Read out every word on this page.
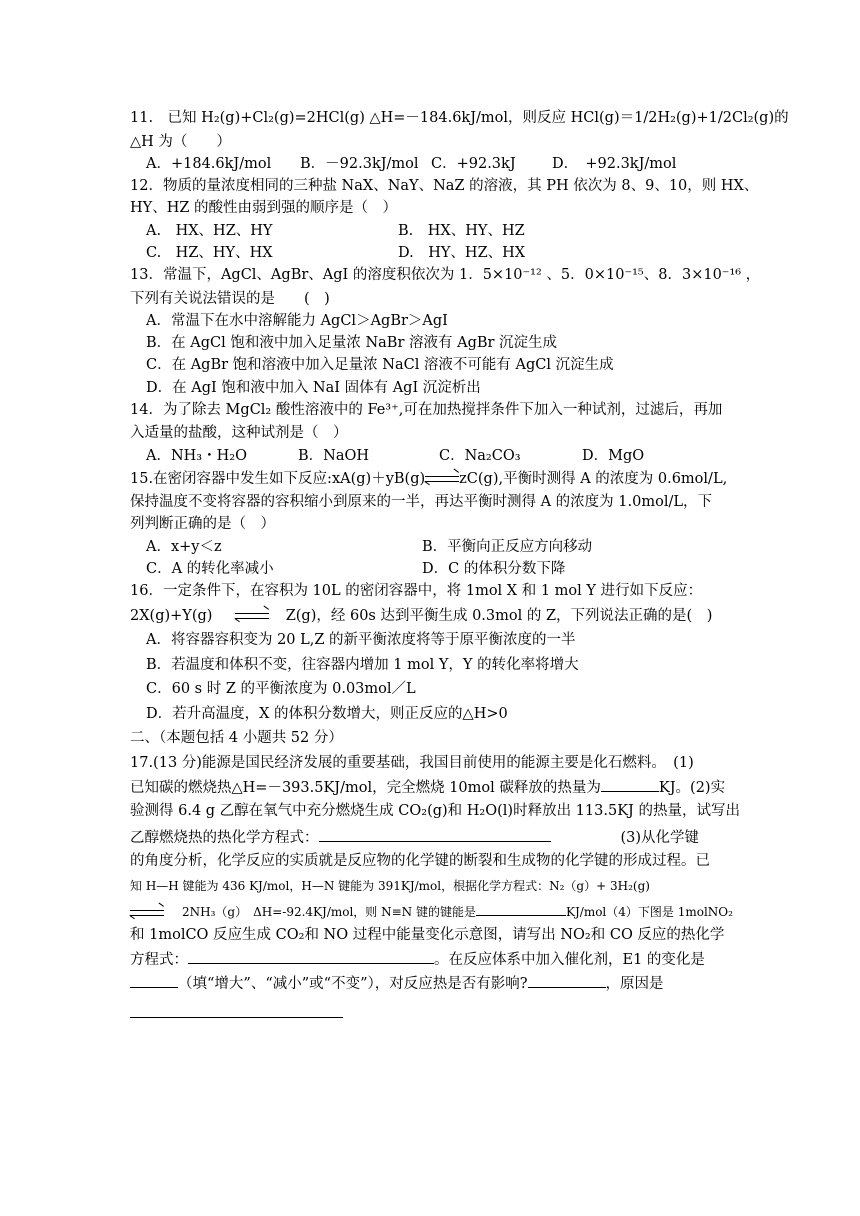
11.　已知 H₂(g)+Cl₂(g)=2HCl(g) △H=－184.6kJ/mol，则反应 HCl(g)＝1/2H₂(g)+1/2Cl₂(g)的
△H 为（　　）
A．+184.6kJ/mol B．－92.3kJ/mol C．+92.3kJ	D．　+92.3kJ/mol
12．物质的量浓度相同的三种盐 NaX、NaY、NaZ 的溶液，其 PH 依次为 8、9、10，则 HX、
HY、HZ 的酸性由弱到强的顺序是（　）
A.　HX、HZ、HY	B.　HX、HY、HZ
C.　HZ、HY、HX	D.　HY、HZ、HX
13．常温下，AgCl、AgBr、AgI 的溶度积依次为 1．5×10⁻¹² 、5．0×10⁻¹⁵、8．3×10⁻¹⁶ ，
下列有关说法错误的是　　(　)
A．常温下在水中溶解能力 AgCl＞AgBr＞AgI
B．在 AgCl 饱和液中加入足量浓 NaBr 溶液有 AgBr 沉淀生成
C．在 AgBr 饱和溶液中加入足量浓 NaCl 溶液不可能有 AgCl 沉淀生成
D．在 AgI 饱和液中加入 NaI 固体有 AgI 沉淀析出
14．为了除去 MgCl₂ 酸性溶液中的 Fe³⁺,可在加热搅拌条件下加入一种试剂，过滤后，再加
入适量的盐酸，这种试剂是（　）
A．NH₃・H₂O	B．NaOH	C．Na₂CO₃	D．MgO
15.在密闭容器中发生如下反应:xA(g)＋yB(g) zC(g),平衡时测得 A 的浓度为 0.6mol/L,
保持温度不变将容器的容积缩小到原来的一半，再达平衡时测得 A 的浓度为 1.0mol/L，下
列判断正确的是（　）
A．x+y＜z	B．平衡向正反应方向移动
C．A 的转化率减小	D．C 的体积分数下降
16．一定条件下，在容积为 10L 的密闭容器中，将 1mol X 和 1 mol Y 进行如下反应：
2X(g)+Y(g)	Z(g)，经 60s 达到平衡生成 0.3mol 的 Z，下列说法正确的是(　)
A．将容器容积变为 20 L,Z 的新平衡浓度将等于原平衡浓度的一半
B．若温度和体积不变，往容器内增加 1 mol Y，Y 的转化率将增大
C．60 s 时 Z 的平衡浓度为 0.03mol／L
D．若升高温度，X 的体积分数增大，则正反应的△H>0
二、（本题包括 4 小题共 52 分）
17.(13 分)能源是国民经济发展的重要基础，我国目前使用的能源主要是化石燃料。　(1)
已知碳的燃烧热△H=－393.5KJ/mol，完全燃烧 10mol 碳释放的热量为	KJ。(2)实
验测得 6.4 g 乙醇在氧气中充分燃烧生成 CO₂(g)和 H₂O(l)时释放出 113.5KJ 的热量，试写出
乙醇燃烧热的热化学方程式：	(3)从化学键
的角度分析，化学反应的实质就是反应物的化学键的断裂和生成物的化学键的形成过程。已
知 H—H 键能为 436 KJ/mol，H—N 键能为 391KJ/mol，根据化学方程式：N₂（g）+ 3H₂(g)
2NH₃（g）　ΔH=-92.4KJ/mol，则 N≡N 键的键能是	KJ/mol（4）下图是 1molNO₂
和 1molCO 反应生成 CO₂和 NO 过程中能量变化示意图，请写出 NO₂和 CO 反应的热化学
方程式：	。在反应体系中加入催化剂，E1 的变化是
（填“增大”、“减小”或“不变”），对反应热是否有影响?	，原因是
